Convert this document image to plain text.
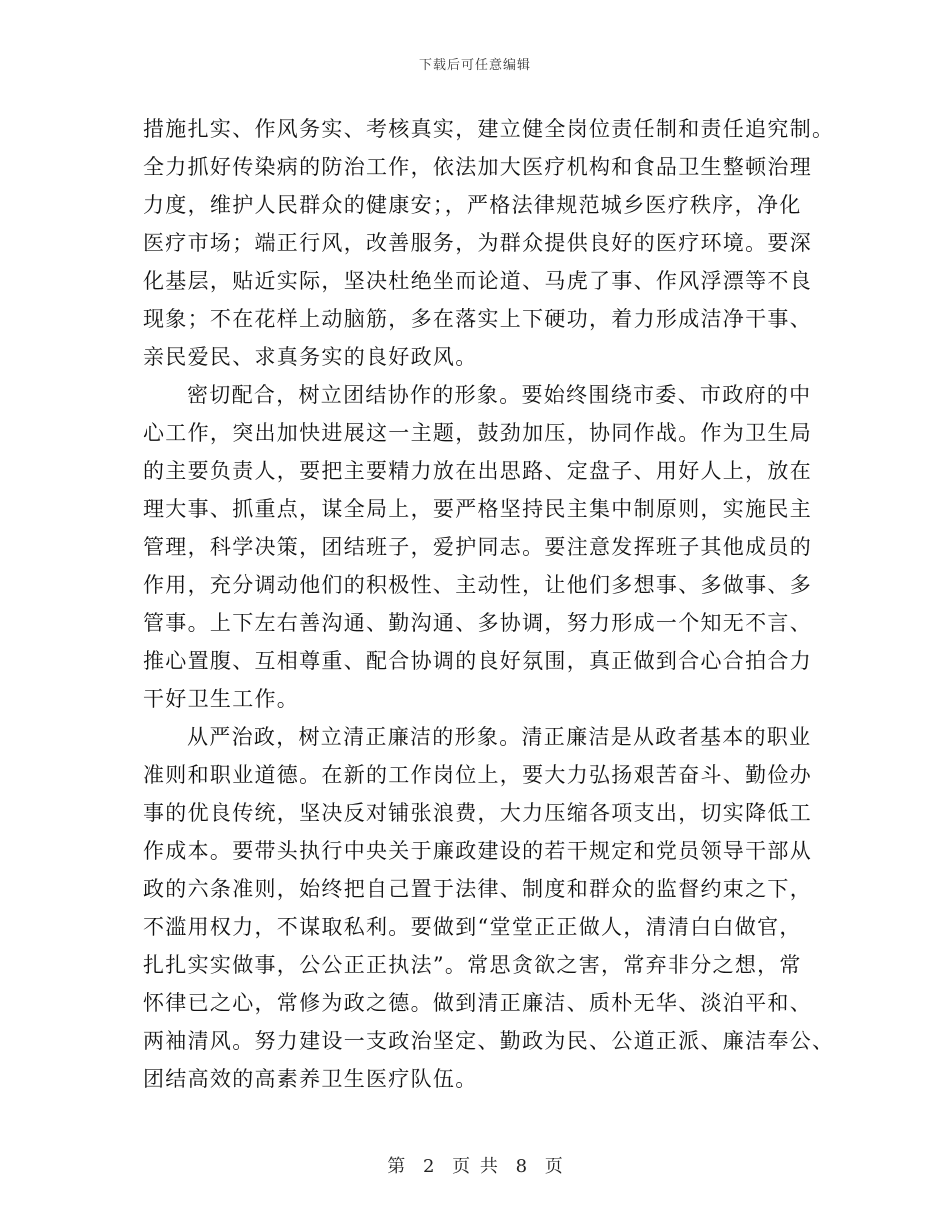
下载后可任意编辑
措施扎实、作风务实、考核真实，建立健全岗位责任制和责任追究制。
全力抓好传染病的防治工作，依法加大医疗机构和食品卫生整顿治理
力度，维护人民群众的健康安；，严格法律规范城乡医疗秩序，净化
医疗市场；端正行风，改善服务，为群众提供良好的医疗环境。要深
化基层，贴近实际，坚决杜绝坐而论道、马虎了事、作风浮漂等不良
现象；不在花样上动脑筋，多在落实上下硬功，着力形成洁净干事、
亲民爱民、求真务实的良好政风。
密切配合，树立团结协作的形象。要始终围绕市委、市政府的中
心工作，突出加快进展这一主题，鼓劲加压，协同作战。作为卫生局
的主要负责人，要把主要精力放在出思路、定盘子、用好人上，放在
理大事、抓重点，谋全局上，要严格坚持民主集中制原则，实施民主
管理，科学决策，团结班子，爱护同志。要注意发挥班子其他成员的
作用，充分调动他们的积极性、主动性，让他们多想事、多做事、多
管事。上下左右善沟通、勤沟通、多协调，努力形成一个知无不言、
推心置腹、互相尊重、配合协调的良好氛围，真正做到合心合拍合力
干好卫生工作。
从严治政，树立清正廉洁的形象。清正廉洁是从政者基本的职业
准则和职业道德。在新的工作岗位上，要大力弘扬艰苦奋斗、勤俭办
事的优良传统，坚决反对铺张浪费，大力压缩各项支出，切实降低工
作成本。要带头执行中央关于廉政建设的若干规定和党员领导干部从
政的六条准则，始终把自己置于法律、制度和群众的监督约束之下，
不滥用权力，不谋取私利。要做到“堂堂正正做人，清清白白做官，
扎扎实实做事，公公正正执法”。常思贪欲之害，常弃非分之想，常
怀律已之心，常修为政之德。做到清正廉洁、质朴无华、淡泊平和、
两袖清风。努力建设一支政治坚定、勤政为民、公道正派、廉洁奉公、
团结高效的高素养卫生医疗队伍。
第 2 页 共 8 页
